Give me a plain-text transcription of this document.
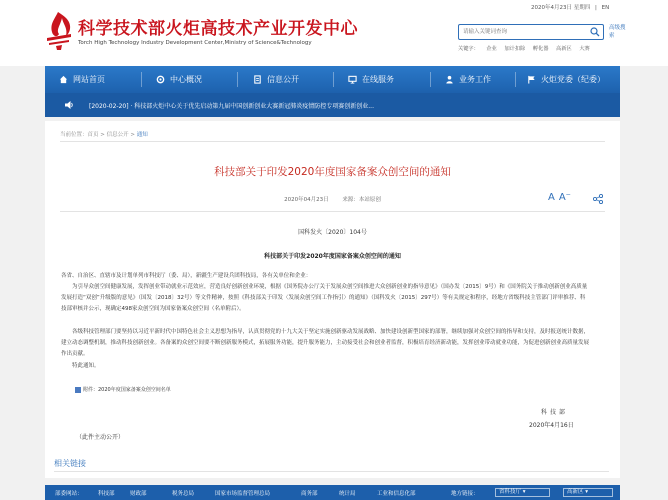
科学技术部火炬高技术产业开发中心
Torch High Technology Industry Development Center,Ministry of Science&Technology
2020年4月23日 星期四 | EN
请输入关键词查询
高级搜索
关键字： 企业 加计扣除 孵化器 高新区 大赛
网站首页	中心概况	信息公开	在线服务	业务工作	火炬党委（纪委）
[2020-02-20] · 科技部火炬中心关于优先启动第九届中国创新创业大赛新冠肺炎疫情防控专项赛创新创业...
当前位置：首页 > 信息公开 > 通知
科技部关于印发2020年度国家备案众创空间的通知
2020年04月23日	来源：本站原创	A A⁻
国科发火〔2020〕104号
科技部关于印发2020年度国家备案众创空间的通知
各省、自治区、直辖市及计划单列市科技厅（委、局），新疆生产建设兵团科技局，各有关单位和企业：
为引导众创空间健康发展，发挥创业带动就业示范效应，营造良好创新创业环境，根据《国务院办公厅关于发展众创空间推进大众创新创业的指导意见》（国办发〔2015〕9号）和《国务院关于推动创新创业高质量发展打造“双创”升级版的意见》（国发〔2018〕32号）等文件精神，按照《科技部关于印发〈发展众创空间工作指引〉的通知》（国科发火〔2015〕297号）等有关规定和程序，经地方省级科技主管部门评审推荐、科技部审核并公示，现确定498家众创空间为国家备案众创空间（名单附后）。
各级科技管理部门要坚持以习近平新时代中国特色社会主义思想为指导，认真贯彻党的十九大关于坚定实施创新驱动发展战略、加快建设创新型国家的部署，继续加强对众创空间的指导和支持，及时报送统计数据，建立动态调整机制，推动科技创新创业。各备案的众创空间要不断创新服务模式，拓展服务功能，提升服务能力，主动接受社会和创业者监督，积极培育经济新动能，发挥创业带动就业功能，为促进创新创业高质量发展作出贡献。
特此通知。
附件：2020年度国家备案众创空间名单
科技部
2020年4月16日
（此件主动公开）
相关链接
部委网站：	科技部	财政部	税务总局	国家市场监督管理总局	商务部	统计局	工业和信息化部	地方链接：	省科技厅 ▾	高新区 ▾
